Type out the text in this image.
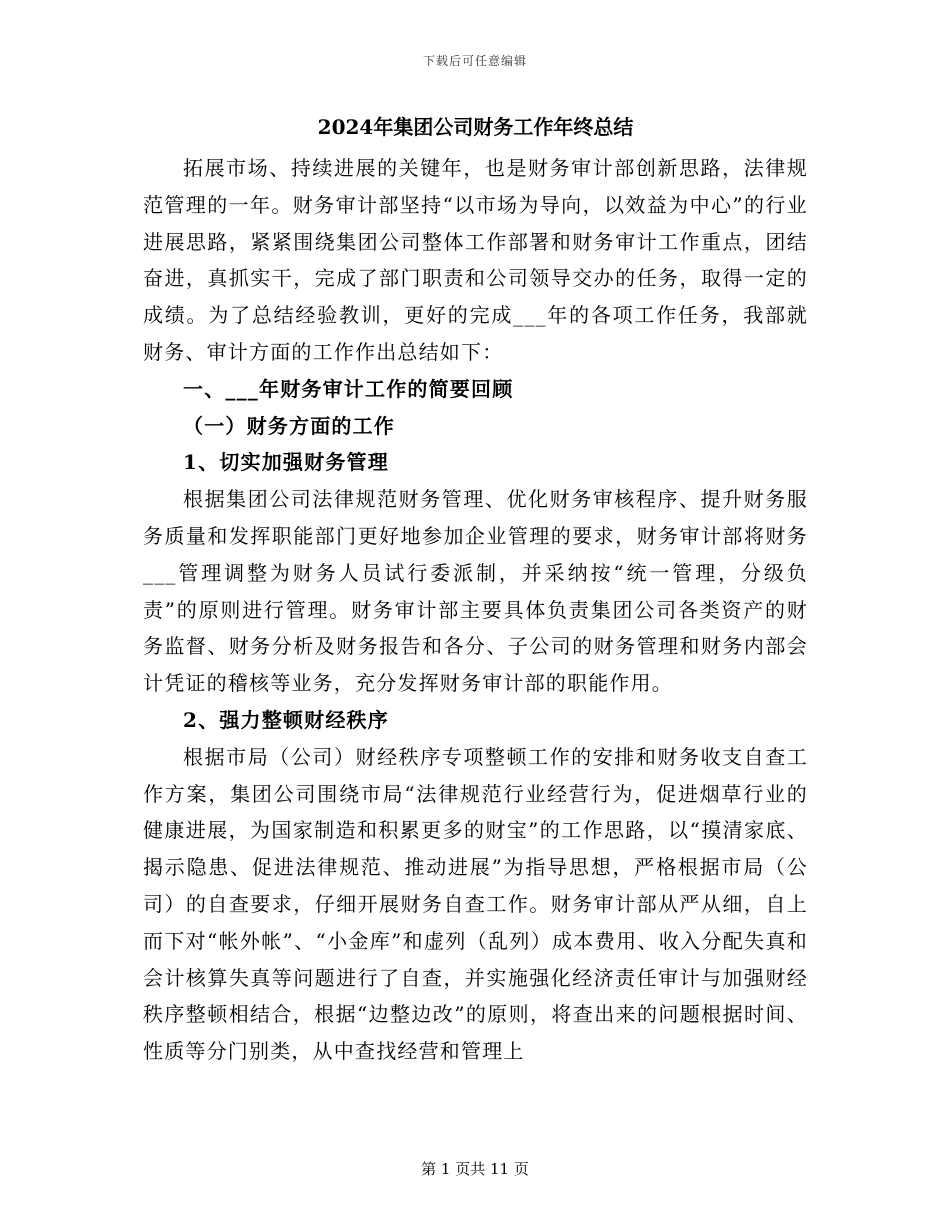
下载后可任意编辑
2024年集团公司财务工作年终总结

拓展市场、持续进展的关键年，也是财务审计部创新思路，法律规范管理的一年。财务审计部坚持“以市场为导向，以效益为中心”的行业进展思路，紧紧围绕集团公司整体工作部署和财务审计工作重点，团结奋进，真抓实干，完成了部门职责和公司领导交办的任务，取得一定的成绩。为了总结经验教训，更好的完成___年的各项工作任务，我部就财务、审计方面的工作作出总结如下：

一、___年财务审计工作的简要回顾

（一）财务方面的工作

1、切实加强财务管理

根据集团公司法律规范财务管理、优化财务审核程序、提升财务服务质量和发挥职能部门更好地参加企业管理的要求，财务审计部将财务___管理调整为财务人员试行委派制，并采纳按“统一管理，分级负责”的原则进行管理。财务审计部主要具体负责集团公司各类资产的财务监督、财务分析及财务报告和各分、子公司的财务管理和财务内部会计凭证的稽核等业务，充分发挥财务审计部的职能作用。

2、强力整顿财经秩序

根据市局（公司）财经秩序专项整顿工作的安排和财务收支自查工作方案，集团公司围绕市局“法律规范行业经营行为，促进烟草行业的健康进展，为国家制造和积累更多的财宝”的工作思路，以“摸清家底、揭示隐患、促进法律规范、推动进展”为指导思想，严格根据市局（公司）的自查要求，仔细开展财务自查工作。财务审计部从严从细，自上而下对“帐外帐”、“小金库”和虚列（乱列）成本费用、收入分配失真和会计核算失真等问题进行了自查，并实施强化经济责任审计与加强财经秩序整顿相结合，根据“边整边改”的原则，将查出来的问题根据时间、性质等分门别类，从中查找经营和管理上

第 1 页共 11 页
